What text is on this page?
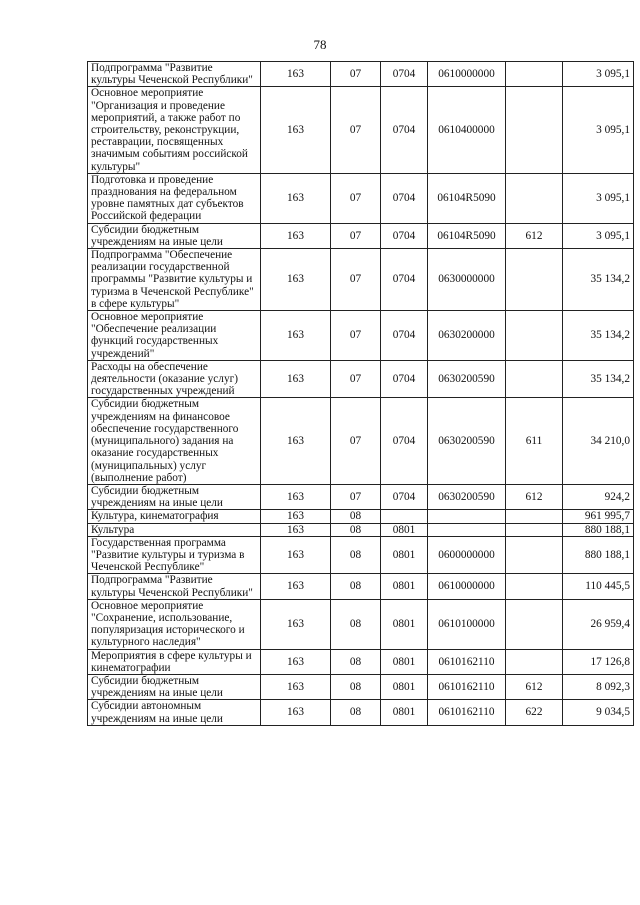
78
Подпрограмма "Развитие культуры Чеченской Республики"	163	07	0704	0610000000		3 095,1
Основное мероприятие "Организация и проведение мероприятий, а также работ по строительству, реконструкции, реставрации, посвященных значимым событиям российской культуры"	163	07	0704	0610400000		3 095,1
Подготовка и проведение празднования на федеральном уровне памятных дат субъектов Российской федерации	163	07	0704	06104R5090		3 095,1
Субсидии бюджетным учреждениям на иные цели	163	07	0704	06104R5090	612	3 095,1
Подпрограмма "Обеспечение реализации государственной программы "Развитие культуры и туризма в Чеченской Республике" в сфере культуры"	163	07	0704	0630000000		35 134,2
Основное мероприятие "Обеспечение реализации функций государственных учреждений"	163	07	0704	0630200000		35 134,2
Расходы на обеспечение деятельности (оказание услуг) государственных учреждений	163	07	0704	0630200590		35 134,2
Субсидии бюджетным учреждениям на финансовое обеспечение государственного (муниципального) задания на оказание государственных (муниципальных) услуг (выполнение работ)	163	07	0704	0630200590	611	34 210,0
Субсидии бюджетным учреждениям на иные цели	163	07	0704	0630200590	612	924,2
Культура, кинематография	163	08				961 995,7
Культура	163	08	0801			880 188,1
Государственная программа "Развитие культуры и туризма в Чеченской Республике"	163	08	0801	0600000000		880 188,1
Подпрограмма "Развитие культуры Чеченской Республики"	163	08	0801	0610000000		110 445,5
Основное мероприятие "Сохранение, использование, популяризация исторического и культурного наследия"	163	08	0801	0610100000		26 959,4
Мероприятия в сфере культуры и кинематографии	163	08	0801	0610162110		17 126,8
Субсидии бюджетным учреждениям на иные цели	163	08	0801	0610162110	612	8 092,3
Субсидии автономным учреждениям на иные цели	163	08	0801	0610162110	622	9 034,5
